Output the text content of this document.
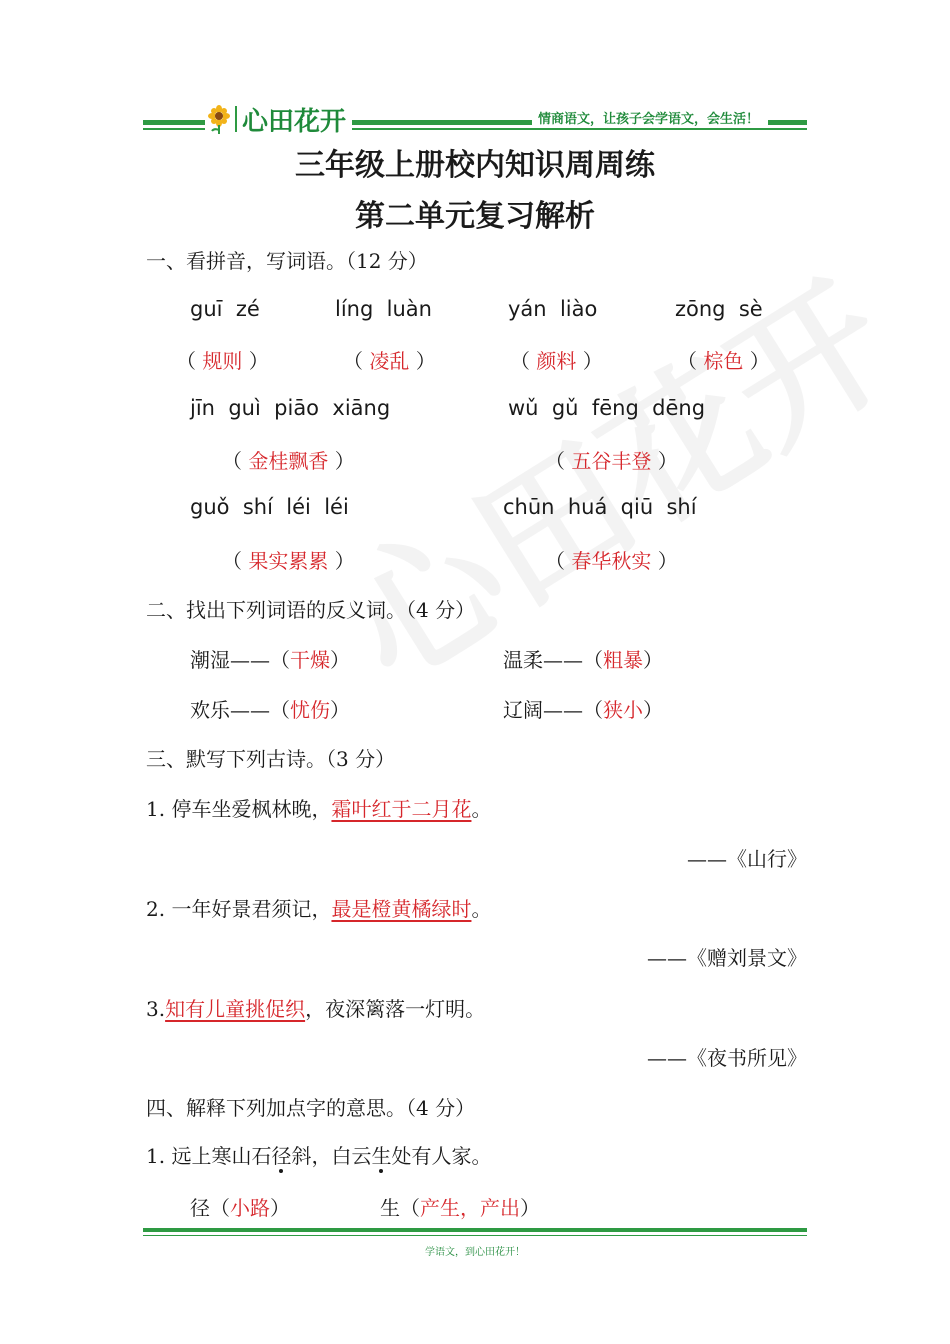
心田花开	情商语文，让孩子会学语文，会生活！
三年级上册校内知识周周练
第二单元复习解析
一、看拼音，写词语。（12 分）
guī  zé	líng  luàn	yán  liào	zōng  sè
（ 规则 ）	（ 凌乱 ）	（ 颜料 ）	（ 棕色 ）
jīn  guì  piāo  xiāng	wǔ  gǔ  fēng  dēng
（ 金桂飘香 ）	（ 五谷丰登 ）
guǒ  shí  léi  léi	chūn  huá  qiū  shí
（ 果实累累 ）	（ 春华秋实 ）
二、找出下列词语的反义词。（4 分）
潮湿——（干燥）	温柔——（粗暴）
欢乐——（忧伤）	辽阔——（狭小）
三、默写下列古诗。（3 分）
1. 停车坐爱枫林晚，霜叶红于二月花。
——《山行》
2. 一年好景君须记，最是橙黄橘绿时。
——《赠刘景文》
3.知有儿童挑促织，夜深篱落一灯明。
——《夜书所见》
四、解释下列加点字的意思。（4 分）
1. 远上寒山石径斜，白云生处有人家。
径（小路）	生（产生，产出）
学语文，到心田花开！
